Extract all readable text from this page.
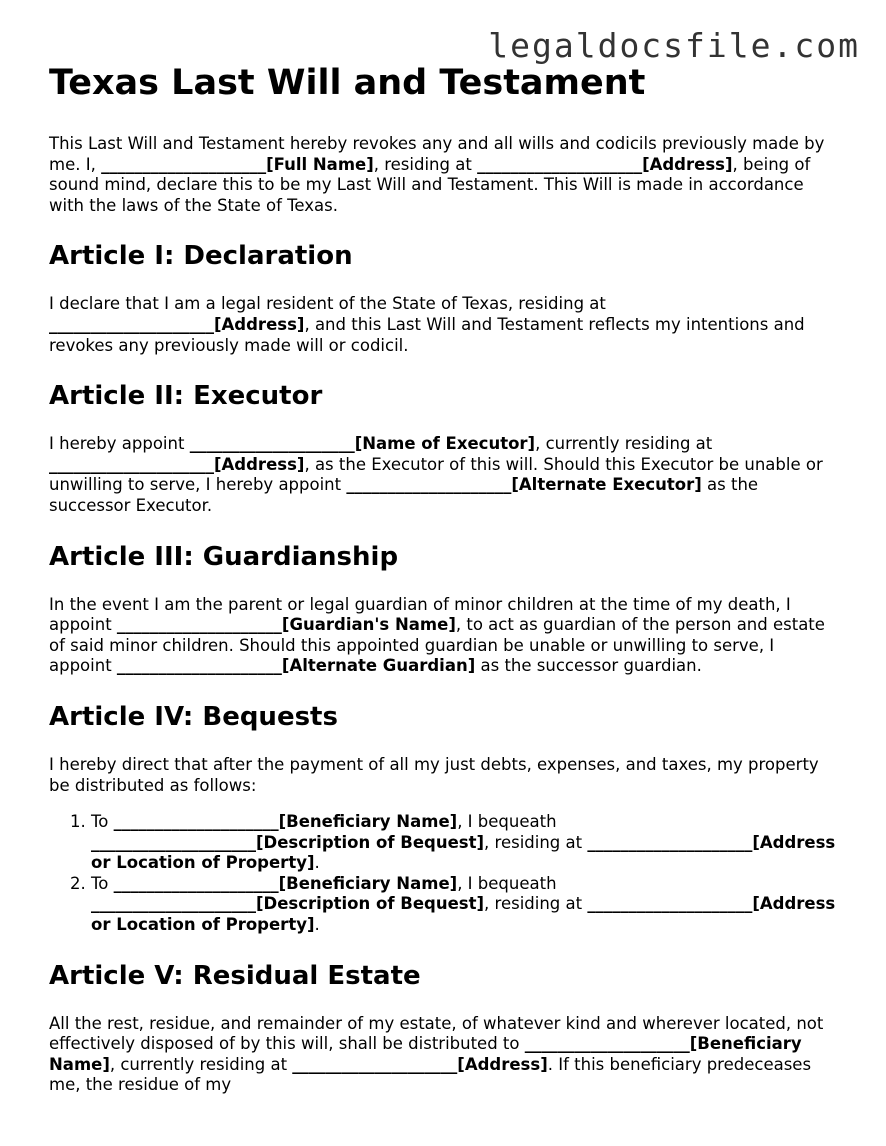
legaldocsfile.com
Texas Last Will and Testament

This Last Will and Testament hereby revokes any and all wills and codicils previously made by me. I, ____________________[Full Name], residing at ____________________[Address], being of sound mind, declare this to be my Last Will and Testament. This Will is made in accordance with the laws of the State of Texas.

Article I: Declaration

I declare that I am a legal resident of the State of Texas, residing at ____________________[Address], and this Last Will and Testament reflects my intentions and revokes any previously made will or codicil.

Article II: Executor

I hereby appoint ____________________[Name of Executor], currently residing at ____________________[Address], as the Executor of this will. Should this Executor be unable or unwilling to serve, I hereby appoint ____________________[Alternate Executor] as the successor Executor.

Article III: Guardianship

In the event I am the parent or legal guardian of minor children at the time of my death, I appoint ____________________[Guardian's Name], to act as guardian of the person and estate of said minor children. Should this appointed guardian be unable or unwilling to serve, I appoint ____________________[Alternate Guardian] as the successor guardian.

Article IV: Bequests

I hereby direct that after the payment of all my just debts, expenses, and taxes, my property be distributed as follows:

1. To ____________________[Beneficiary Name], I bequeath ____________________[Description of Bequest], residing at ____________________[Address or Location of Property].
2. To ____________________[Beneficiary Name], I bequeath ____________________[Description of Bequest], residing at ____________________[Address or Location of Property].
Article V: Residual Estate

All the rest, residue, and remainder of my estate, of whatever kind and wherever located, not effectively disposed of by this will, shall be distributed to ____________________[Beneficiary Name], currently residing at ____________________[Address]. If this beneficiary predeceases me, the residue of my
